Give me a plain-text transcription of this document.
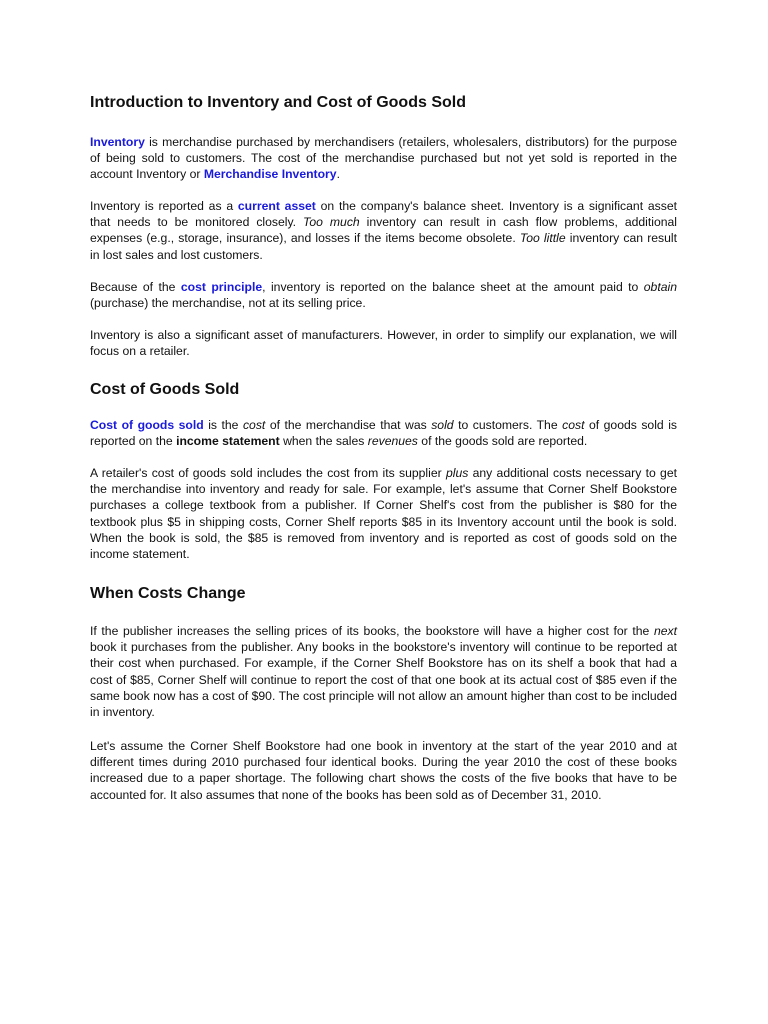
Introduction to Inventory and Cost of Goods Sold

Inventory is merchandise purchased by merchandisers (retailers, wholesalers, distributors) for the purpose of being sold to customers. The cost of the merchandise purchased but not yet sold is reported in the account Inventory or Merchandise Inventory.

Inventory is reported as a current asset on the company's balance sheet. Inventory is a significant asset that needs to be monitored closely. Too much inventory can result in cash flow problems, additional expenses (e.g., storage, insurance), and losses if the items become obsolete. Too little inventory can result in lost sales and lost customers.

Because of the cost principle, inventory is reported on the balance sheet at the amount paid to obtain (purchase) the merchandise, not at its selling price.

Inventory is also a significant asset of manufacturers. However, in order to simplify our explanation, we will focus on a retailer.

Cost of Goods Sold

Cost of goods sold is the cost of the merchandise that was sold to customers. The cost of goods sold is reported on the income statement when the sales revenues of the goods sold are reported.

A retailer's cost of goods sold includes the cost from its supplier plus any additional costs necessary to get the merchandise into inventory and ready for sale. For example, let's assume that Corner Shelf Bookstore purchases a college textbook from a publisher. If Corner Shelf's cost from the publisher is $80 for the textbook plus $5 in shipping costs, Corner Shelf reports $85 in its Inventory account until the book is sold. When the book is sold, the $85 is removed from inventory and is reported as cost of goods sold on the income statement.

When Costs Change

If the publisher increases the selling prices of its books, the bookstore will have a higher cost for the next book it purchases from the publisher. Any books in the bookstore's inventory will continue to be reported at their cost when purchased. For example, if the Corner Shelf Bookstore has on its shelf a book that had a cost of $85, Corner Shelf will continue to report the cost of that one book at its actual cost of $85 even if the same book now has a cost of $90. The cost principle will not allow an amount higher than cost to be included in inventory.

Let's assume the Corner Shelf Bookstore had one book in inventory at the start of the year 2010 and at different times during 2010 purchased four identical books. During the year 2010 the cost of these books increased due to a paper shortage. The following chart shows the costs of the five books that have to be accounted for. It also assumes that none of the books has been sold as of December 31, 2010.
